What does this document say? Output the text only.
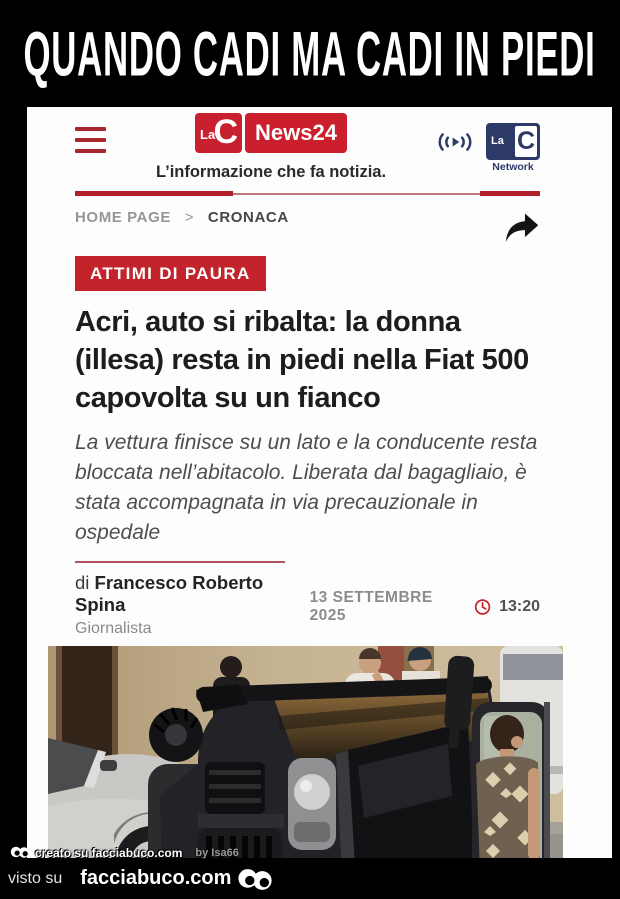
QUANDO CADI MA CADI IN PIEDI
La
C News24
L’informazione che fa notizia.
La C
Network
HOME PAGE > CRONACA
ATTIMI DI PAURA
Acri, auto si ribalta: la donna (illesa) resta in piedi nella Fiat 500 capovolta su un fianco

La vettura finisce su un lato e la conducente resta bloccata nell’abitacolo. Liberata dal bagagliaio, è stata accompagnata in via precauzionale in ospedale

di Francesco Roberto Spina
Giornalista
13 SETTEMBRE 2025
13:20
creato su facciabuco.com by Isa66
visto su facciabuco.com
